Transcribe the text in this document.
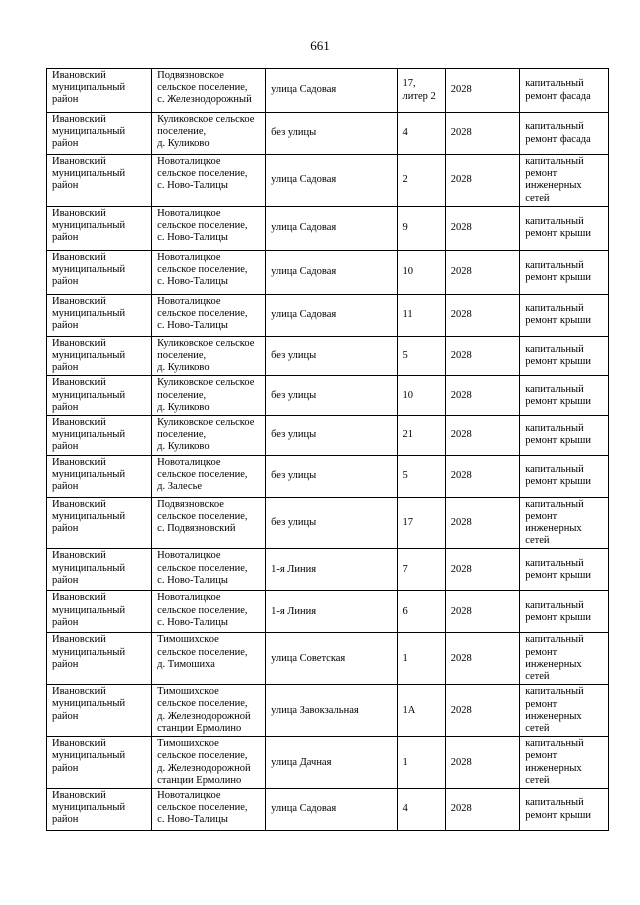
661
Ивановский
муниципальный
район	Подвязновское
сельское поселение,
с. Железнодорожный	улица Садовая	17,
литер 2	2028	капитальный
ремонт фасада

Ивановский
муниципальный
район	Куликовское сельское
поселение,
д. Куликово	без улицы	4	2028	капитальный
ремонт фасада

Ивановский
муниципальный
район	Новоталицкое
сельское поселение,
с. Ново-Талицы	улица Садовая	2	2028	капитальный
ремонт
инженерных
сетей

Ивановский
муниципальный
район	Новоталицкое
сельское поселение,
с. Ново-Талицы	улица Садовая	9	2028	капитальный
ремонт крыши

Ивановский
муниципальный
район	Новоталицкое
сельское поселение,
с. Ново-Талицы	улица Садовая	10	2028	капитальный
ремонт крыши

Ивановский
муниципальный
район	Новоталицкое
сельское поселение,
с. Ново-Талицы	улица Садовая	11	2028	капитальный
ремонт крыши

Ивановский
муниципальный
район	Куликовское сельское
поселение,
д. Куликово	без улицы	5	2028	капитальный
ремонт крыши

Ивановский
муниципальный
район	Куликовское сельское
поселение,
д. Куликово	без улицы	10	2028	капитальный
ремонт крыши

Ивановский
муниципальный
район	Куликовское сельское
поселение,
д. Куликово	без улицы	21	2028	капитальный
ремонт крыши

Ивановский
муниципальный
район	Новоталицкое
сельское поселение,
д. Залесье	без улицы	5	2028	капитальный
ремонт крыши

Ивановский
муниципальный
район	Подвязновское
сельское поселение,
с. Подвязновский	без улицы	17	2028	капитальный
ремонт
инженерных
сетей

Ивановский
муниципальный
район	Новоталицкое
сельское поселение,
с. Ново-Талицы	1-я Линия	7	2028	капитальный
ремонт крыши

Ивановский
муниципальный
район	Новоталицкое
сельское поселение,
с. Ново-Талицы	1-я Линия	6	2028	капитальный
ремонт крыши

Ивановский
муниципальный
район	Тимошихское
сельское поселение,
д. Тимошиха	улица Советская	1	2028	капитальный
ремонт
инженерных
сетей

Ивановский
муниципальный
район	Тимошихское
сельское поселение,
д. Железнодорожной
станции Ермолино	улица Завокзальная	1А	2028	капитальный
ремонт
инженерных
сетей

Ивановский
муниципальный
район	Тимошихское
сельское поселение,
д. Железнодорожной
станции Ермолино	улица Дачная	1	2028	капитальный
ремонт
инженерных
сетей

Ивановский
муниципальный
район	Новоталицкое
сельское поселение,
с. Ново-Талицы	улица Садовая	4	2028	капитальный
ремонт крыши
